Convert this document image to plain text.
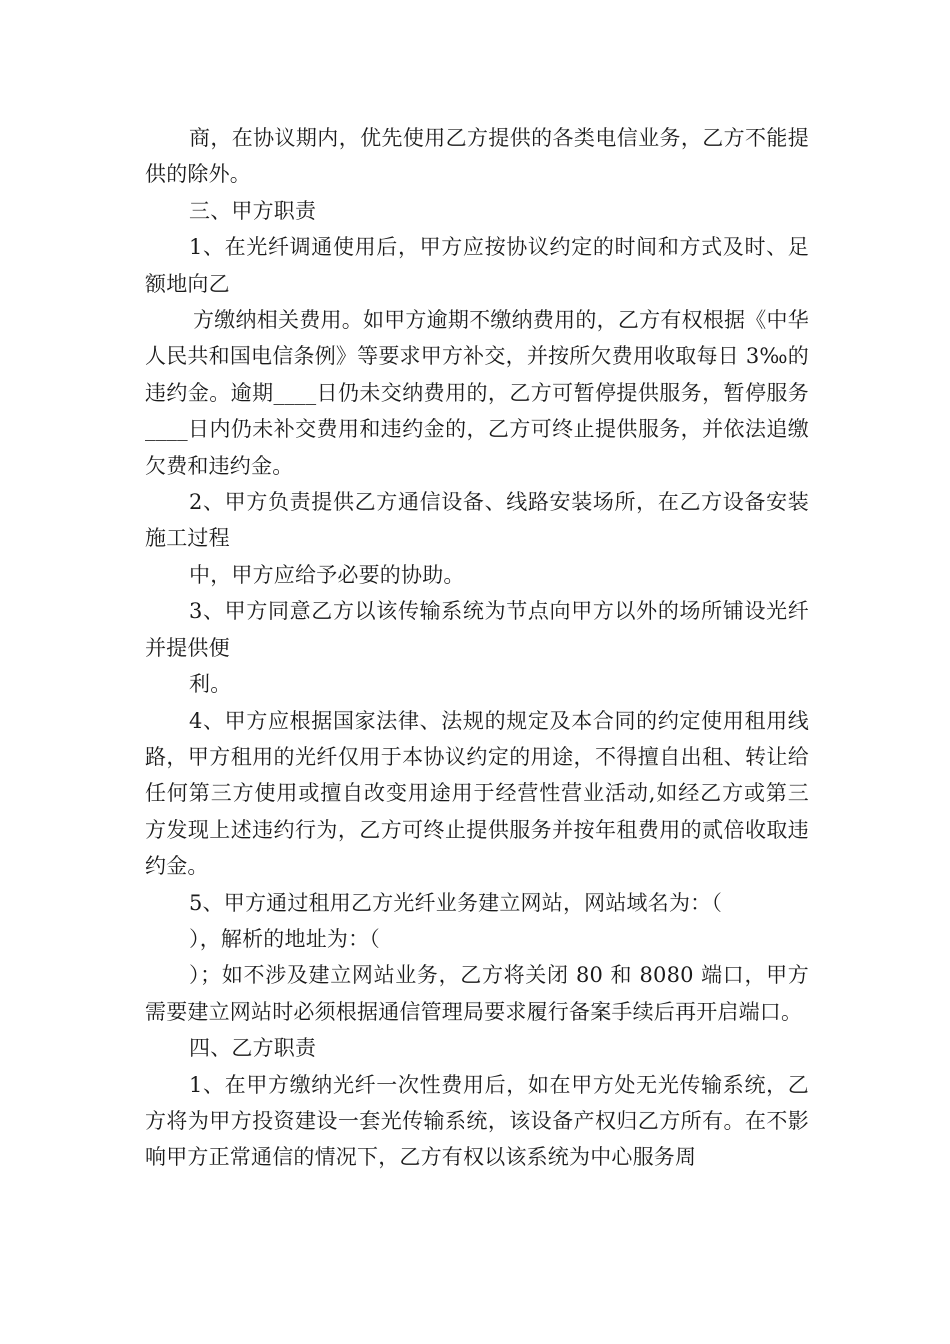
商，在协议期内，优先使用乙方提供的各类电信业务，乙方不能提供的除外。

三、甲方职责

1、在光纤调通使用后，甲方应按协议约定的时间和方式及时、足额地向乙

方缴纳相关费用。如甲方逾期不缴纳费用的，乙方有权根据《中华人民共和国电信条例》等要求甲方补交，并按所欠费用收取每日 3‰的违约金。逾期____日仍未交纳费用的，乙方可暂停提供服务，暂停服务____日内仍未补交费用和违约金的，乙方可终止提供服务，并依法追缴欠费和违约金。

2、甲方负责提供乙方通信设备、线路安装场所，在乙方设备安装施工过程

中，甲方应给予必要的协助。

3、甲方同意乙方以该传输系统为节点向甲方以外的场所铺设光纤并提供便

利。

4、甲方应根据国家法律、法规的规定及本合同的约定使用租用线路，甲方租用的光纤仅用于本协议约定的用途，不得擅自出租、转让给任何第三方使用或擅自改变用途用于经营性营业活动,如经乙方或第三方发现上述违约行为，乙方可终止提供服务并按年租费用的贰倍收取违约金。

5、甲方通过租用乙方光纤业务建立网站，网站域名为：（

），解析的地址为：（

）；如不涉及建立网站业务，乙方将关闭 80 和 8080 端口，甲方需要建立网站时必须根据通信管理局要求履行备案手续后再开启端口。

四、乙方职责

1、在甲方缴纳光纤一次性费用后，如在甲方处无光传输系统，乙方将为甲方投资建设一套光传输系统，该设备产权归乙方所有。在不影响甲方正常通信的情况下，乙方有权以该系统为中心服务周
